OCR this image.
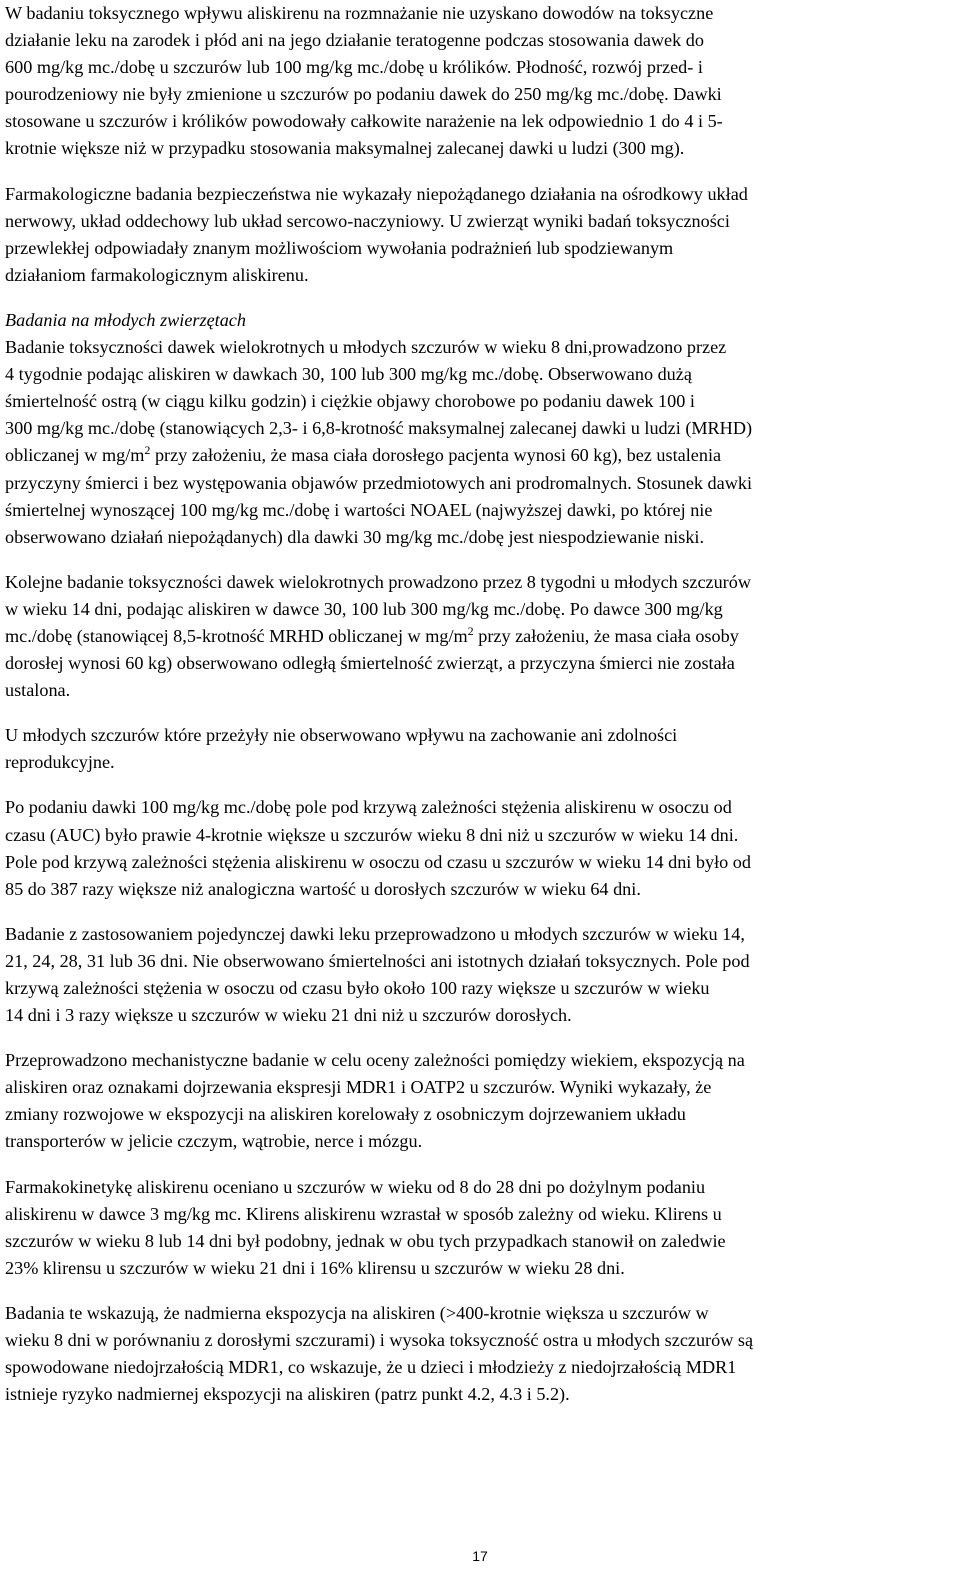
W badaniu toksycznego wpływu aliskirenu na rozmnażanie nie uzyskano dowodów na toksyczne
działanie leku na zarodek i płód ani na jego działanie teratogenne podczas stosowania dawek do
600 mg/kg mc./dobę u szczurów lub 100 mg/kg mc./dobę u królików. Płodność, rozwój przed- i
pourodzeniowy nie były zmienione u szczurów po podaniu dawek do 250 mg/kg mc./dobę. Dawki
stosowane u szczurów i królików powodowały całkowite narażenie na lek odpowiednio 1 do 4 i 5-
krotnie większe niż w przypadku stosowania maksymalnej zalecanej dawki u ludzi (300 mg).
Farmakologiczne badania bezpieczeństwa nie wykazały niepożądanego działania na ośrodkowy układ
nerwowy, układ oddechowy lub układ sercowo-naczyniowy. U zwierząt wyniki badań toksyczności
przewlekłej odpowiadały znanym możliwościom wywołania podrażnień lub spodziewanym
działaniom farmakologicznym aliskirenu.
Badania na młodych zwierzętach
Badanie toksyczności dawek wielokrotnych u młodych szczurów w wieku 8 dni,prowadzono przez
4 tygodnie podając aliskiren w dawkach 30, 100 lub 300 mg/kg mc./dobę. Obserwowano dużą
śmiertelność ostrą (w ciągu kilku godzin) i ciężkie objawy chorobowe po podaniu dawek 100 i
300 mg/kg mc./dobę (stanowiących 2,3- i 6,8-krotność maksymalnej zalecanej dawki u ludzi (MRHD)
obliczanej w $mg/m^2$ przy założeniu, że masa ciała dorosłego pacjenta wynosi 60 kg), bez ustalenia
przyczyny śmierci i bez występowania objawów przedmiotowych ani prodromalnych. Stosunek dawki
śmiertelnej wynoszącej 100 mg/kg mc./dobę i wartości NOAEL (najwyższej dawki, po której nie
obserwowano działań niepożądanych) dla dawki 30 mg/kg mc./dobę jest niespodziewanie niski.
Kolejne badanie toksyczności dawek wielokrotnych prowadzono przez 8 tygodni u młodych szczurów
w wieku 14 dni, podając aliskiren w dawce 30, 100 lub 300 mg/kg mc./dobę. Po dawce 300 mg/kg
mc./dobę (stanowiącej 8,5-krotność MRHD obliczanej w $mg/m^2$ przy założeniu, że masa ciała osoby
dorosłej wynosi 60 kg) obserwowano odległą śmiertelność zwierząt, a przyczyna śmierci nie została
ustalona.
U młodych szczurów które przeżyły nie obserwowano wpływu na zachowanie ani zdolności
reprodukcyjne.
Po podaniu dawki 100 mg/kg mc./dobę pole pod krzywą zależności stężenia aliskirenu w osoczu od
czasu (AUC) było prawie 4-krotnie większe u szczurów wieku 8 dni niż u szczurów w wieku 14 dni.
Pole pod krzywą zależności stężenia aliskirenu w osoczu od czasu u szczurów w wieku 14 dni było od
85 do 387 razy większe niż analogiczna wartość u dorosłych szczurów w wieku 64 dni.
Badanie z zastosowaniem pojedynczej dawki leku przeprowadzono u młodych szczurów w wieku 14,
21, 24, 28, 31 lub 36 dni. Nie obserwowano śmiertelności ani istotnych działań toksycznych. Pole pod
krzywą zależności stężenia w osoczu od czasu było około 100 razy większe u szczurów w wieku
14 dni i 3 razy większe u szczurów w wieku 21 dni niż u szczurów dorosłych.
Przeprowadzono mechanistyczne badanie w celu oceny zależności pomiędzy wiekiem, ekspozycją na
aliskiren oraz oznakami dojrzewania ekspresji MDR1 i OATP2 u szczurów. Wyniki wykazały, że
zmiany rozwojowe w ekspozycji na aliskiren korelowały z osobniczym dojrzewaniem układu
transporterów w jelicie czczym, wątrobie, nerce i mózgu.
Farmakokinetykę aliskirenu oceniano u szczurów w wieku od 8 do 28 dni po dożylnym podaniu
aliskirenu w dawce 3 mg/kg mc. Klirens aliskirenu wzrastał w sposób zależny od wieku. Klirens u
szczurów w wieku 8 lub 14 dni był podobny, jednak w obu tych przypadkach stanowił on zaledwie
23% klirensu u szczurów w wieku 21 dni i 16% klirensu u szczurów w wieku 28 dni.
Badania te wskazują, że nadmierna ekspozycja na aliskiren (>400-krotnie większa u szczurów w
wieku 8 dni w porównaniu z dorosłymi szczurami) i wysoka toksyczność ostra u młodych szczurów są
spowodowane niedojrzałością MDR1, co wskazuje, że u dzieci i młodzieży z niedojrzałością MDR1
istnieje ryzyko nadmiernej ekspozycji na aliskiren (patrz punkt 4.2, 4.3 i 5.2).
17
